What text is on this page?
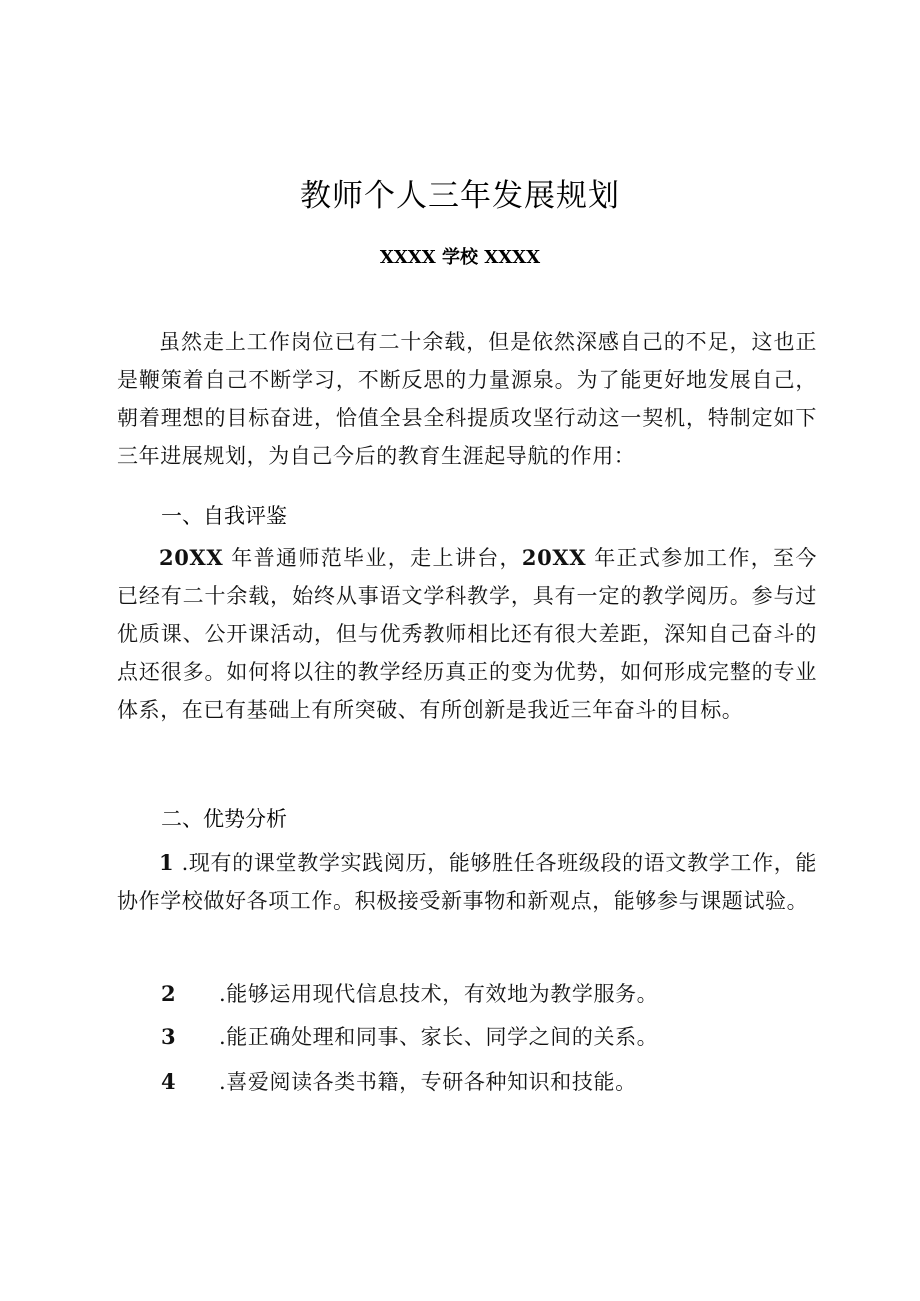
教师个人三年发展规划
XXXX 学校 XXXX

虽然走上工作岗位已有二十余载，但是依然深感自己的不足，这也正是鞭策着自己不断学习，不断反思的力量源泉。为了能更好地发展自己，朝着理想的目标奋进，恰值全县全科提质攻坚行动这一契机，特制定如下三年进展规划，为自己今后的教育生涯起导航的作用：

一、自我评鉴

20XX 年普通师范毕业，走上讲台，20XX 年正式参加工作，至今已经有二十余载，始终从事语文学科教学，具有一定的教学阅历。参与过优质课、公开课活动，但与优秀教师相比还有很大差距，深知自己奋斗的点还很多。如何将以往的教学经历真正的变为优势，如何形成完整的专业体系，在已有基础上有所突破、有所创新是我近三年奋斗的目标。

二、优势分析

1 .现有的课堂教学实践阅历，能够胜任各班级段的语文教学工作，能协作学校做好各项工作。积极接受新事物和新观点，能够参与课题试验。

2 .能够运用现代信息技术，有效地为教学服务。
3 .能正确处理和同事、家长、同学之间的关系。
4 .喜爱阅读各类书籍，专研各种知识和技能。
